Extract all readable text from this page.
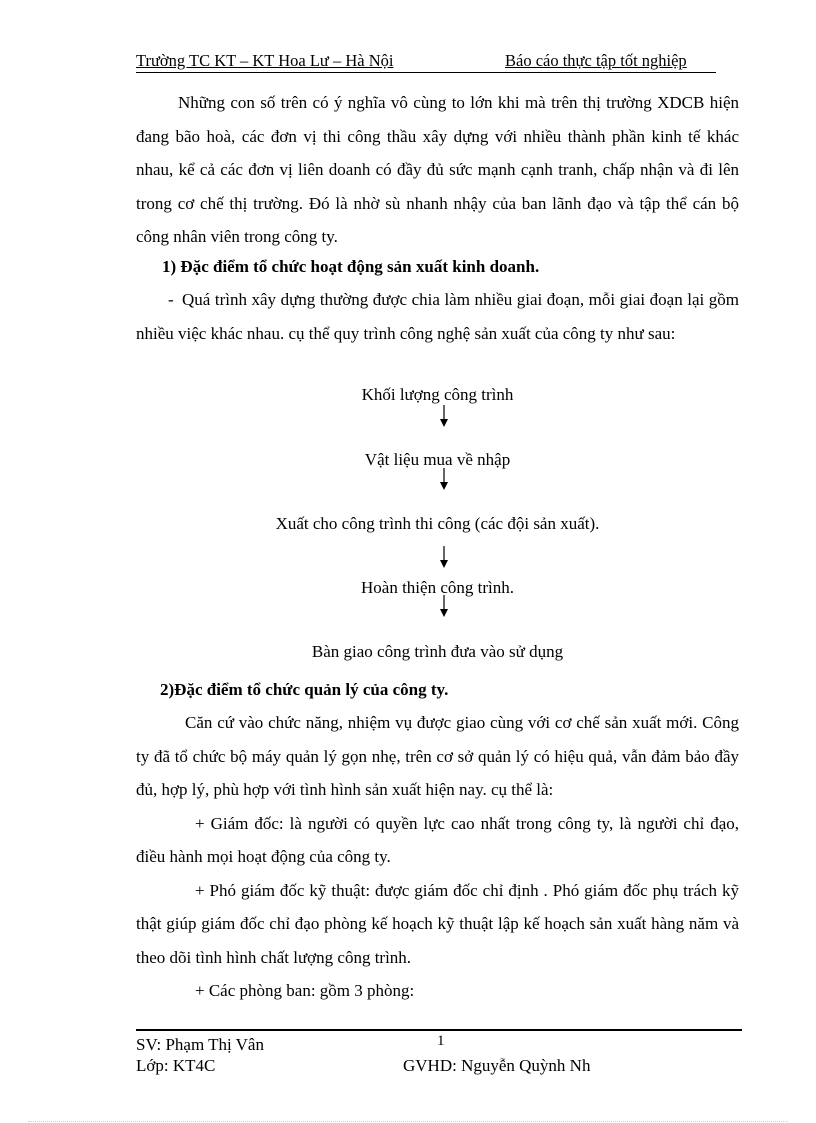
Trường TC KT – KT Hoa Lư – Hà Nội	Báo cáo thực tập tốt nghiệp

Những con số trên có ý nghĩa vô cùng to lớn khi mà trên thị trường XDCB hiện đang bão hoà, các đơn vị thi công thầu xây dựng với nhiều thành phần kinh tế khác nhau, kể cả các đơn vị liên doanh có đầy đủ sức mạnh cạnh tranh, chấp nhận và đi lên trong cơ chế thị trường. Đó là nhờ sù nhanh nhậy của ban lãnh đạo và tập thể cán bộ công nhân viên trong công ty.

1) Đặc điểm tổ chức hoạt động sản xuất kinh doanh.

- Quá trình xây dựng thường được chia làm nhiều giai đoạn, mỗi giai đoạn lại gồm nhiều việc khác nhau. cụ thể quy trình công nghệ sản xuất của công ty như sau:

Khối lượng công trình
Vật liệu mua về nhập
Xuất cho công trình thi công (các đội sản xuất).
Hoàn thiện công trình.
Bàn giao công trình đưa vào sử dụng

2)Đặc điểm tổ chức quản lý của công ty.

Căn cứ vào chức năng, nhiệm vụ được giao cùng với cơ chế sản xuất mới. Công ty đã tổ chức bộ máy quản lý gọn nhẹ, trên cơ sở quản lý có hiệu quả, vẫn đảm bảo đầy đủ, hợp lý, phù hợp với tình hình sản xuất hiện nay. cụ thể là:

+ Giám đốc: là người có quyền lực cao nhất trong công ty, là người chỉ đạo, điều hành mọi hoạt động của công ty.

+ Phó giám đốc kỹ thuật: được giám đốc chỉ định . Phó giám đốc phụ trách kỹ thật giúp giám đốc chỉ đạo phòng kế hoạch kỹ thuật lập kế hoạch sản xuất hàng năm và theo dõi tình hình chất lượng công trình.

+ Các phòng ban: gồm 3 phòng:

1
SV: Phạm Thị Vân
Lớp: KT4C	GVHD: Nguyễn Quỳnh Nh
